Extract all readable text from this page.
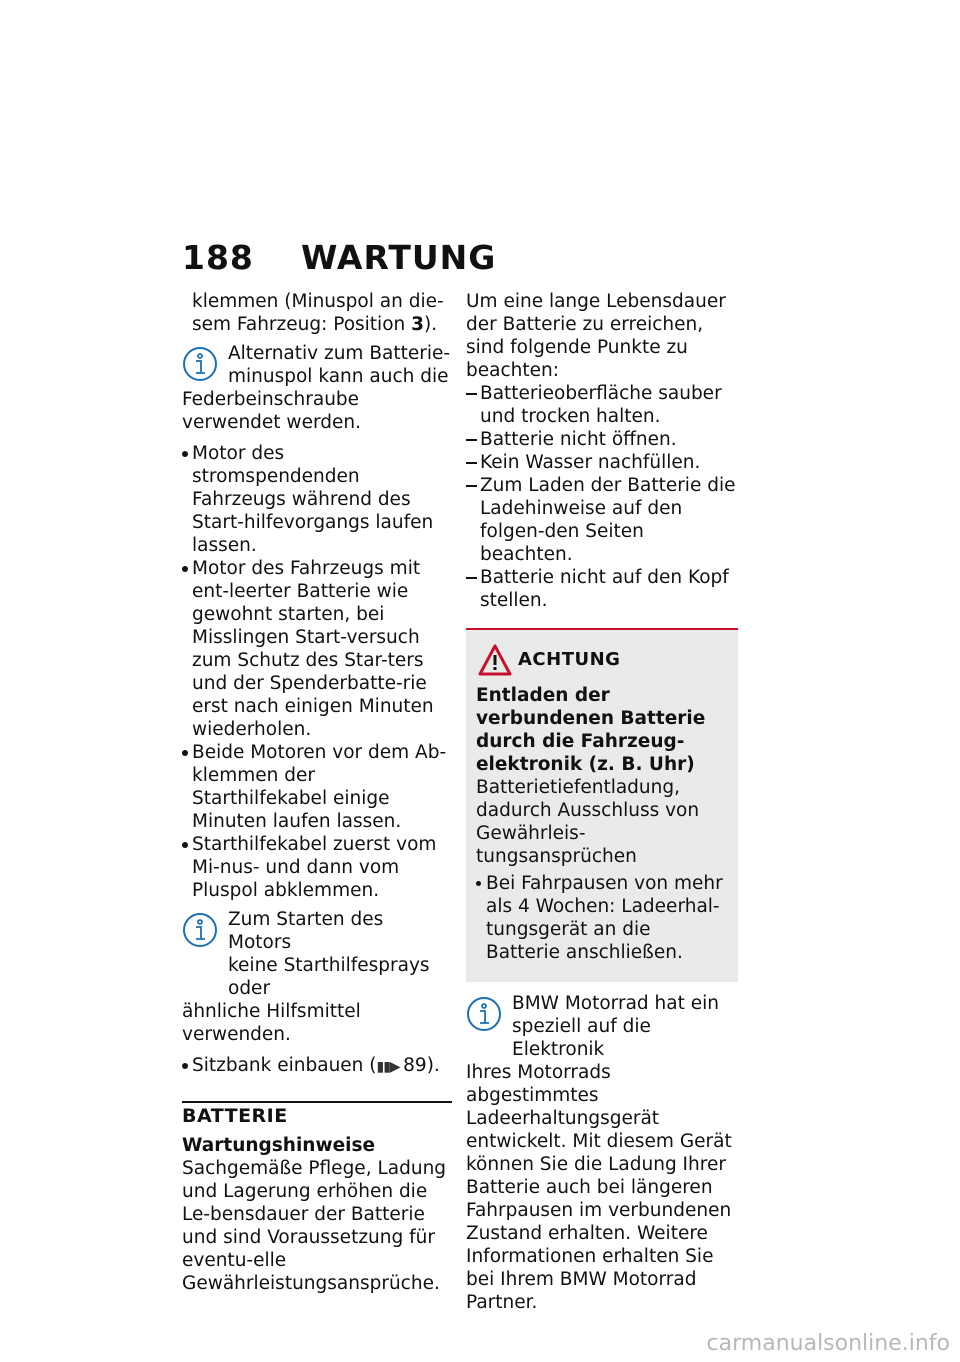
188 WARTUNG

klemmen (Minuspol an die-
sem Fahrzeug: Position 3).

Alternativ zum Batterie-
minuspol kann auch die
Federbeinschraube verwendet werden.
Motor des stromspendenden Fahrzeugs während des Start-hilfevorgangs laufen lassen.
Motor des Fahrzeugs mit ent-leerter Batterie wie gewohnt starten, bei Misslingen Start-versuch zum Schutz des Star-ters und der Spenderbatte-rie erst nach einigen Minuten wiederholen.
Beide Motoren vor dem Ab-klemmen der Starthilfekabel einige Minuten laufen lassen.
Starthilfekabel zuerst vom Mi-nus- und dann vom Pluspol abklemmen.
Zum Starten des Motors
keine Starthilfesprays oder
ähnliche Hilfsmittel verwenden.
Sitzbank einbauen (▮▮▶ 89).
BATTERIE
Wartungshinweise

Sachgemäße Pflege, Ladung und Lagerung erhöhen die Le-bensdauer der Batterie und sind Voraussetzung für eventu-elle Gewährleistungsansprüche.

Um eine lange Lebensdauer der Batterie zu erreichen, sind folgende Punkte zu beachten:

Batterieoberfläche sauber und trocken halten.
Batterie nicht öffnen.
Kein Wasser nachfüllen.
Zum Laden der Batterie die Ladehinweise auf den folgen-den Seiten beachten.
Batterie nicht auf den Kopf stellen.
ACHTUNG

Entladen der verbundenen Batterie durch die Fahrzeug-elektronik (z. B. Uhr)

Batterietiefentladung, dadurch Ausschluss von Gewährleis-tungsansprüchen

Bei Fahrpausen von mehr als 4 Wochen: Ladeerhal-tungsgerät an die Batterie anschließen.
BMW Motorrad hat ein
speziell auf die Elektronik
Ihres Motorrads abgestimmtes Ladeerhaltungsgerät entwickelt. Mit diesem Gerät können Sie die Ladung Ihrer Batterie auch bei längeren Fahrpausen im verbundenen Zustand erhalten. Weitere Informationen erhalten Sie bei Ihrem BMW Motorrad Partner.
carmanualsonline.info
